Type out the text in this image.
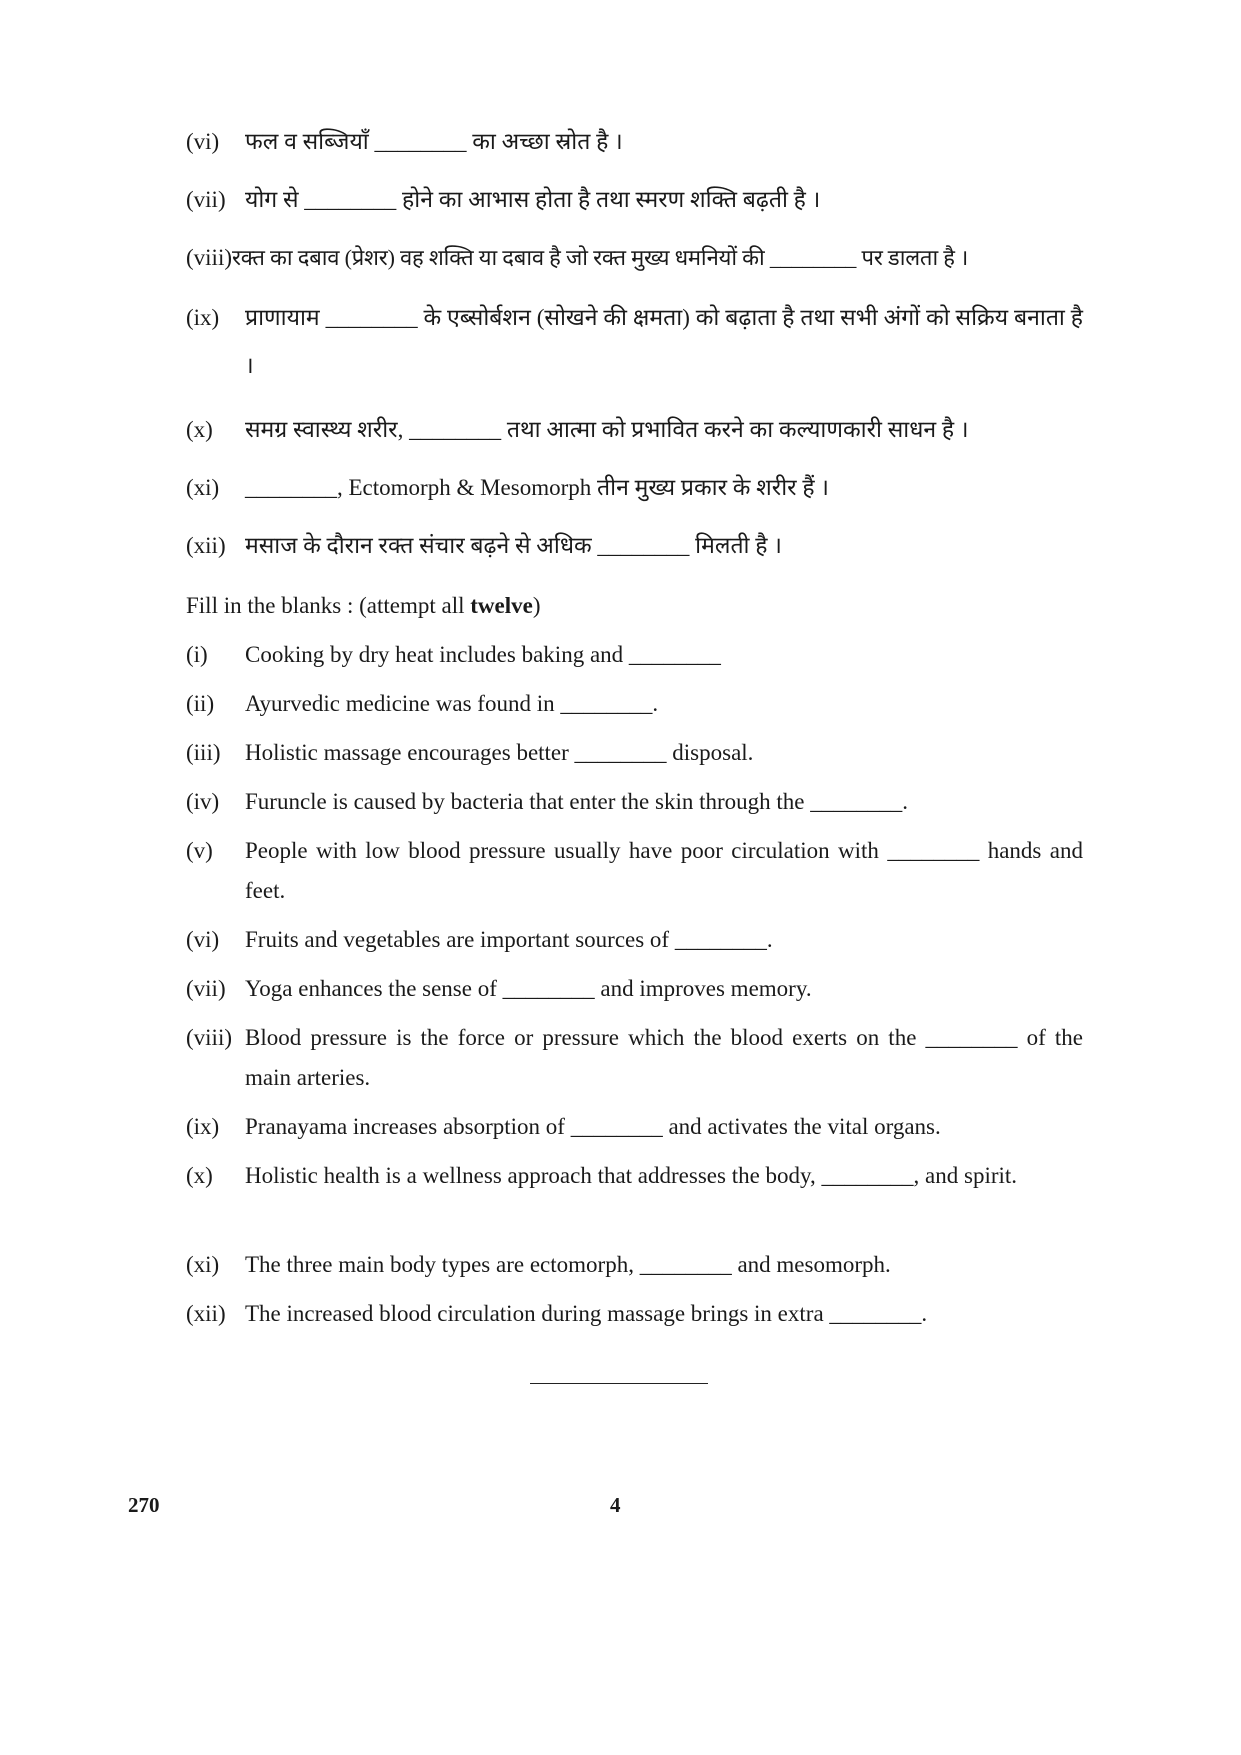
(vi) फल व सब्जियाँ ________ का अच्छा स्रोत है ।
(vii) योग से ________ होने का आभास होता है तथा स्मरण शक्ति बढ़ती है ।
(viii) रक्त का दबाव (प्रेशर) वह शक्ति या दबाव है जो रक्त मुख्य धमनियों की ________ पर डालता है ।
(ix) प्राणायाम ________ के एब्सोर्बशन (सोखने की क्षमता) को बढ़ाता है तथा सभी अंगों को सक्रिय बनाता है ।
(x) समग्र स्वास्थ्य शरीर, ________ तथा आत्मा को प्रभावित करने का कल्याणकारी साधन है ।
(xi) ________, Ectomorph & Mesomorph तीन मुख्य प्रकार के शरीर हैं ।
(xii) मसाज के दौरान रक्त संचार बढ़ने से अधिक ________ मिलती है ।
Fill in the blanks : (attempt all twelve)
(i) Cooking by dry heat includes baking and ________
(ii) Ayurvedic medicine was found in ________.
(iii) Holistic massage encourages better ________ disposal.
(iv) Furuncle is caused by bacteria that enter the skin through the ________.
(v) People with low blood pressure usually have poor circulation with ________ hands and feet.
(vi) Fruits and vegetables are important sources of ________.
(vii) Yoga enhances the sense of ________ and improves memory.
(viii) Blood pressure is the force or pressure which the blood exerts on the ________ of the main arteries.
(ix) Pranayama increases absorption of ________ and activates the vital organs.
(x) Holistic health is a wellness approach that addresses the body, ________, and spirit.
(xi) The three main body types are ectomorph, ________ and mesomorph.
(xii) The increased blood circulation during massage brings in extra ________.
270	4
